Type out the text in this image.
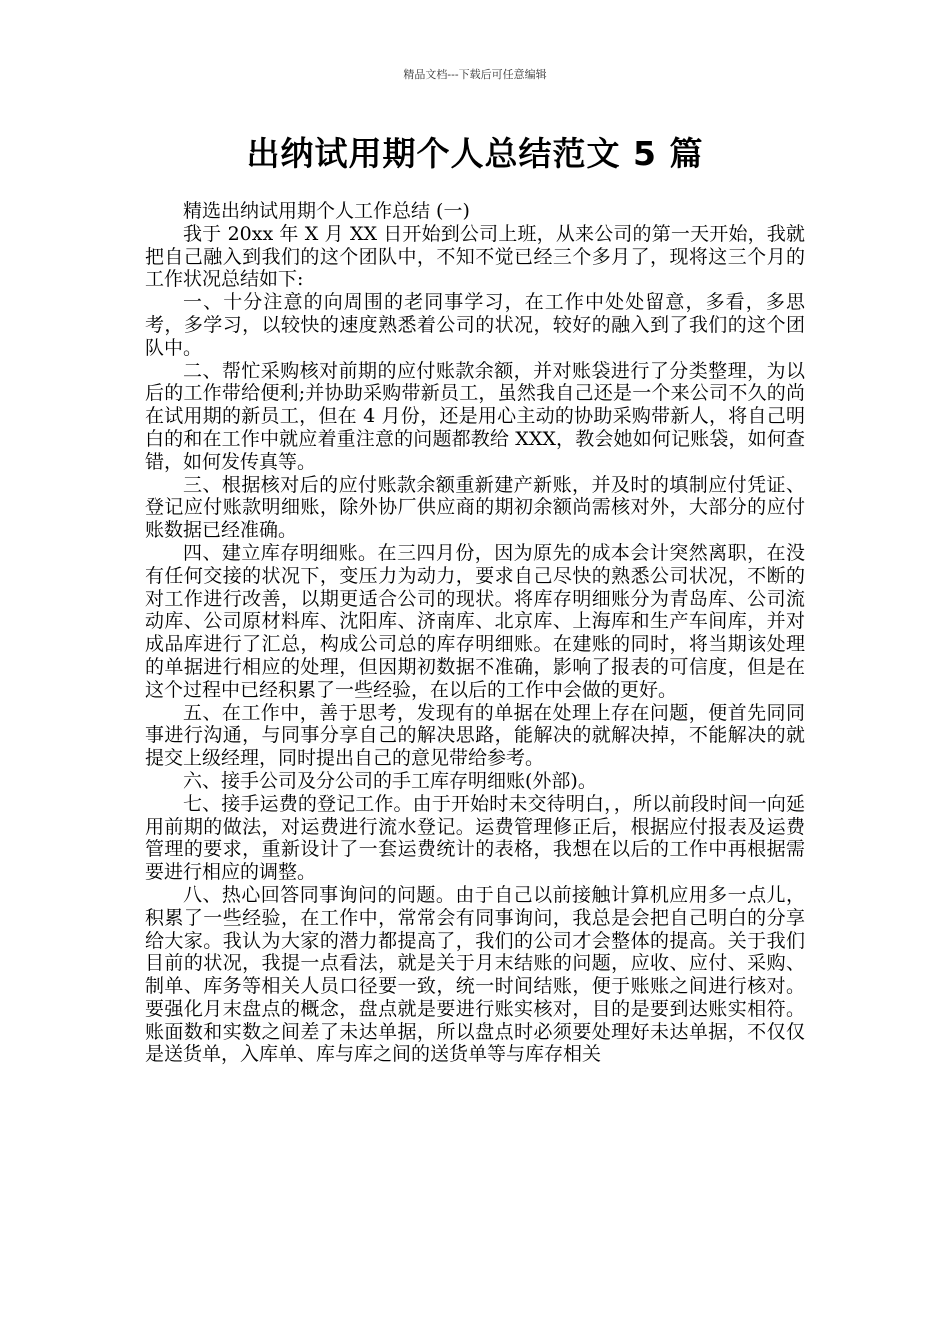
精品文档---下载后可任意编辑
出纳试用期个人总结范文 5 篇

精选出纳试用期个人工作总结 (一)

我于 20xx 年 X 月 XX 日开始到公司上班，从来公司的第一天开始，我就把自己融入到我们的这个团队中，不知不觉已经三个多月了，现将这三个月的工作状况总结如下:

一、十分注意的向周围的老同事学习，在工作中处处留意，多看，多思考，多学习，以较快的速度熟悉着公司的状况，较好的融入到了我们的这个团队中。

二、帮忙采购核对前期的应付账款余额，并对账袋进行了分类整理，为以后的工作带给便利;并协助采购带新员工，虽然我自己还是一个来公司不久的尚在试用期的新员工，但在 4 月份，还是用心主动的协助采购带新人，将自己明白的和在工作中就应着重注意的问题都教给 XXX，教会她如何记账袋，如何查错，如何发传真等。

三、根据核对后的应付账款余额重新建产新账，并及时的填制应付凭证、登记应付账款明细账，除外协厂供应商的期初余额尚需核对外，大部分的应付账数据已经准确。

四、建立库存明细账。在三四月份，因为原先的成本会计突然离职，在没有任何交接的状况下，变压力为动力，要求自己尽快的熟悉公司状况，不断的对工作进行改善，以期更适合公司的现状。将库存明细账分为青岛库、公司流动库、公司原材料库、沈阳库、济南库、北京库、上海库和生产车间库，并对成品库进行了汇总，构成公司总的库存明细账。在建账的同时，将当期该处理的单据进行相应的处理，但因期初数据不准确，影响了报表的可信度，但是在这个过程中已经积累了一些经验，在以后的工作中会做的更好。

五、在工作中，善于思考，发现有的单据在处理上存在问题，便首先同同事进行沟通，与同事分享自己的解决思路，能解决的就解决掉，不能解决的就提交上级经理，同时提出自己的意见带给参考。

六、接手公司及分公司的手工库存明细账(外部)。

七、接手运费的登记工作。由于开始时未交待明白，，所以前段时间一向延用前期的做法，对运费进行流水登记。运费管理修正后，根据应付报表及运费管理的要求，重新设计了一套运费统计的表格，我想在以后的工作中再根据需要进行相应的调整。

八、热心回答同事询问的问题。由于自己以前接触计算机应用多一点儿，积累了一些经验，在工作中，常常会有同事询问，我总是会把自己明白的分享给大家。我认为大家的潜力都提高了，我们的公司才会整体的提高。关于我们目前的状况，我提一点看法，就是关于月末结账的问题，应收、应付、采购、制单、库务等相关人员口径要一致，统一时间结账，便于账账之间进行核对。要强化月末盘点的概念，盘点就是要进行账实核对，目的是要到达账实相符。账面数和实数之间差了未达单据，所以盘点时必须要处理好未达单据，不仅仅是送货单，入库单、库与库之间的送货单等与库存相关
